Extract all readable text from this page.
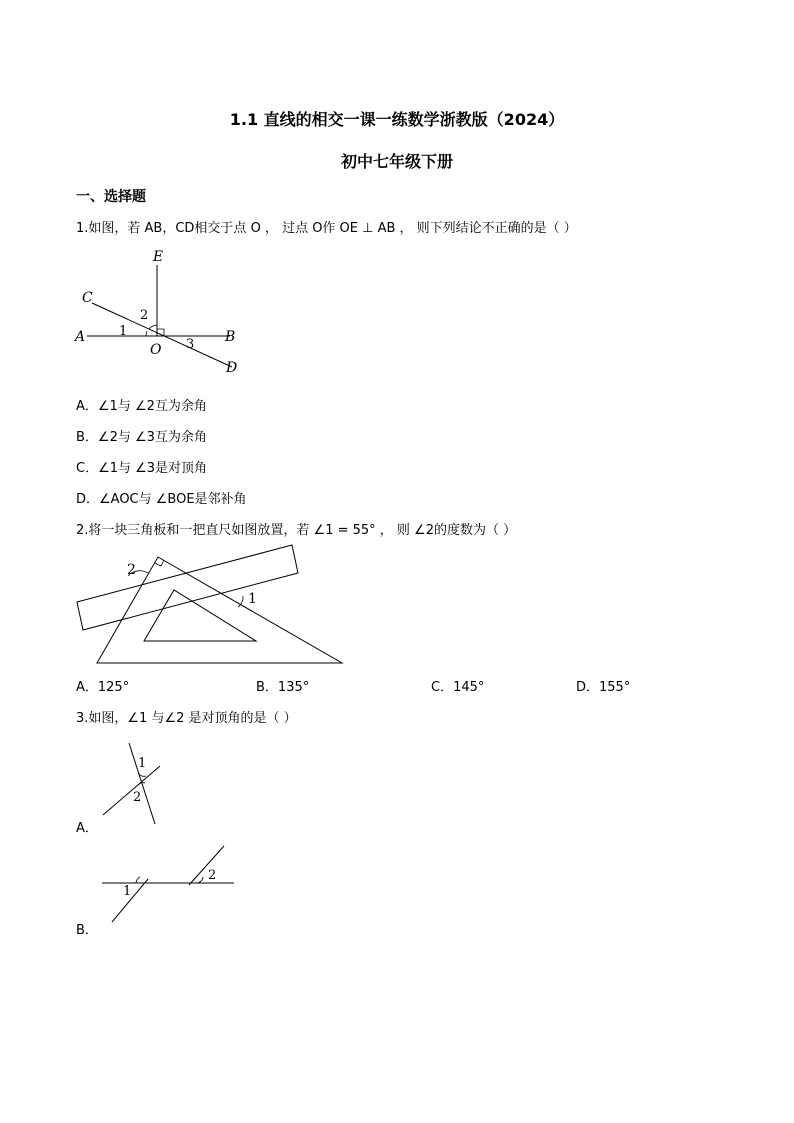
1.1 直线的相交一课一练数学浙教版（2024）
初中七年级下册
一、选择题
1.如图，若 AB，CD相交于点 O ， 过点 O作 OE ⊥ AB ， 则下列结论不正确的是（ ）
E
C
A	B
O
D
1
2
3
A．∠1与 ∠2互为余角
B．∠2与 ∠3互为余角
C．∠1与 ∠3是对顶角
D．∠AOC与 ∠BOE是邻补角
2.将一块三角板和一把直尺如图放置，若 ∠1 = 55° ， 则 ∠2的度数为（ ）
2
1
A．125°	B．135°	C．145°	D．155°
3.如图，∠1 与∠2 是对顶角的是（ ）
1
2
A．
1
2
B．
